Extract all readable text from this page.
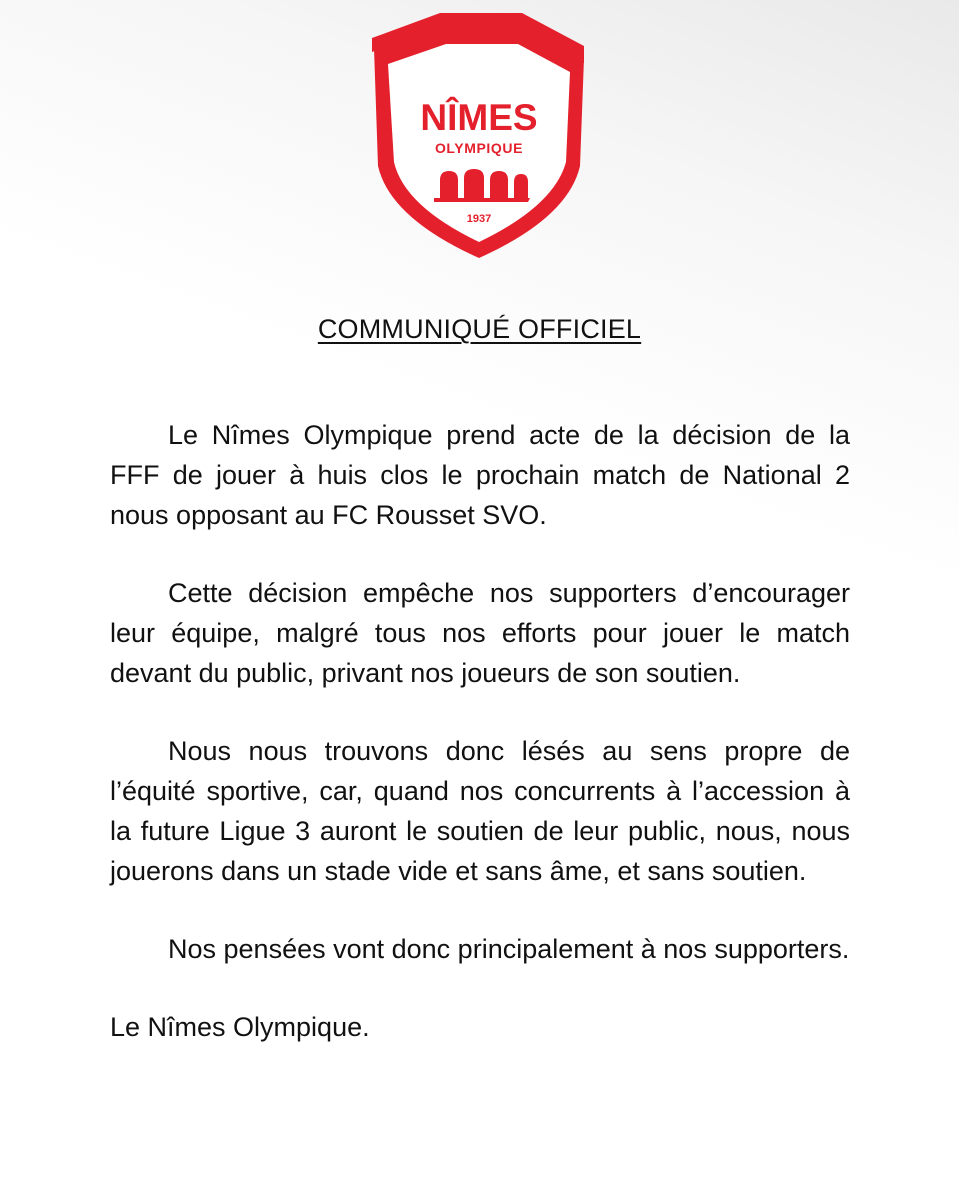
NÎMES
OLYMPIQUE
1937
COMMUNIQUÉ OFFICIEL

Le Nîmes Olympique prend acte de la décision de la FFF de jouer à huis clos le prochain match de National 2 nous opposant au FC Rousset SVO.

Cette décision empêche nos supporters d’encourager leur équipe, malgré tous nos efforts pour jouer le match devant du public, privant nos joueurs de son soutien.

Nous nous trouvons donc lésés au sens propre de l’équité sportive, car, quand nos concurrents à l’accession à la future Ligue 3 auront le soutien de leur public, nous, nous jouerons dans un stade vide et sans âme, et sans soutien.

Nos pensées vont donc principalement à nos supporters.

Le Nîmes Olympique.
